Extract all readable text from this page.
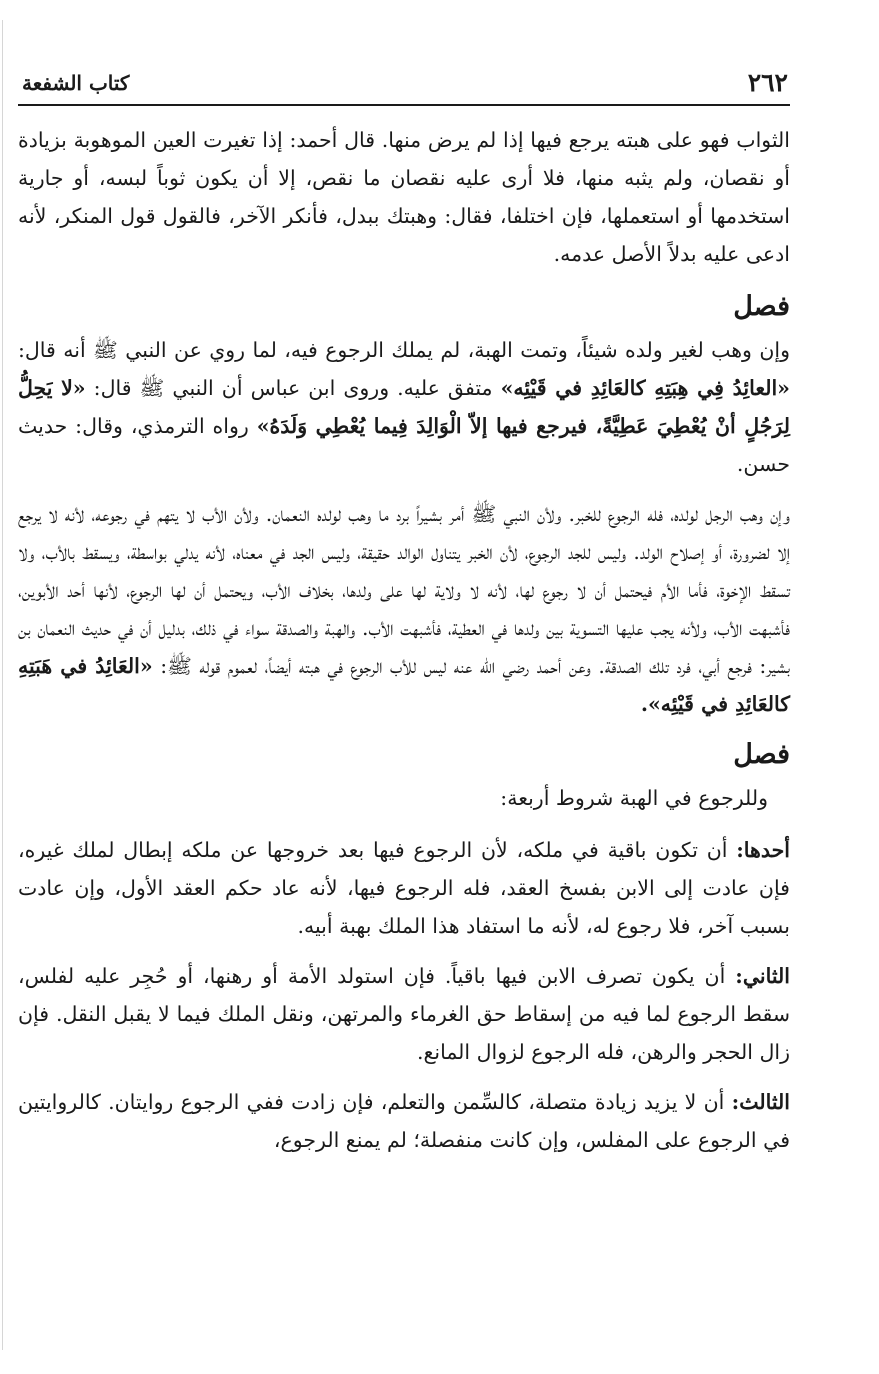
٢٦٢
كتاب الشفعة

الثواب فهو على هبته يرجع فيها إذا لم يرض منها. قال أحمد: إذا تغيرت العين الموهوبة بزيادة أو نقصان، ولم يثبه منها، فلا أرى عليه نقصان ما نقص، إلا أن يكون ثوباً لبسه، أو جارية استخدمها أو استعملها، فإن اختلفا، فقال: وهبتك ببدل، فأنكر الآخر، فالقول قول المنكر، لأنه ادعى عليه بدلاً الأصل عدمه.

فصل

وإن وهب لغير ولده شيئاً، وتمت الهبة، لم يملك الرجوع فيه، لما روي عن النبي ﷺ أنه قال: «العائِدُ فِي هِبَتِهِ كالعَائِدِ في قَيْئِه» متفق عليه. وروى ابن عباس أن النبي ﷺ قال: «لا يَحِلُّ لِرَجُلٍ أنْ يُعْطِيَ عَطِيَّةً، فيرجع فيها إلاّ الْوَالِدَ فِيما يُعْطِي وَلَدَهُ» رواه الترمذي، وقال: حديث حسن.

وإن وهب الرجل لولده، فله الرجوع للخبر. ولأن النبي ﷺ أمر بشيراً برد ما وهب لولده النعمان. ولأن الأب لا يتهم في رجوعه، لأنه لا يرجع إلا لضرورة، أو إصلاح الولد. وليس للجد الرجوع، لأن الخبر يتناول الوالد حقيقة، وليس الجد في معناه، لأنه يدلي بواسطة، ويسقط بالأب، ولا تسقط الإخوة، فأما الأم فيحتمل أن لا رجوع لها، لأنه لا ولاية لها على ولدها، بخلاف الأب، ويحتمل أن لها الرجوع، لأنها أحد الأبوين، فأشبهت الأب، ولأنه يجب عليها التسوية بين ولدها في العطية، فأشبهت الأب. والهبة والصدقة سواء في ذلك، بدليل أن في حديث النعمان بن بشير: فرجع أبي، فرد تلك الصدقة. وعن أحمد رضي الله عنه ليس للأب الرجوع في هبته أيضاً، لعموم قوله ﷺ: «العَائِدُ في هَبَتِهِ كالعَائِدِ في قَيْئِه».

فصل

وللرجوع في الهبة شروط أربعة:

أحدها: أن تكون باقية في ملكه، لأن الرجوع فيها بعد خروجها عن ملكه إبطال لملك غيره، فإن عادت إلى الابن بفسخ العقد، فله الرجوع فيها، لأنه عاد حكم العقد الأول، وإن عادت بسبب آخر، فلا رجوع له، لأنه ما استفاد هذا الملك بهبة أبيه.

الثاني: أن يكون تصرف الابن فيها باقياً. فإن استولد الأمة أو رهنها، أو حُجِر عليه لفلس، سقط الرجوع لما فيه من إسقاط حق الغرماء والمرتهن، ونقل الملك فيما لا يقبل النقل. فإن زال الحجر والرهن، فله الرجوع لزوال المانع.

الثالث: أن لا يزيد زيادة متصلة، كالسِّمن والتعلم، فإن زادت ففي الرجوع روايتان. كالروايتين في الرجوع على المفلس، وإن كانت منفصلة؛ لم يمنع الرجوع،
